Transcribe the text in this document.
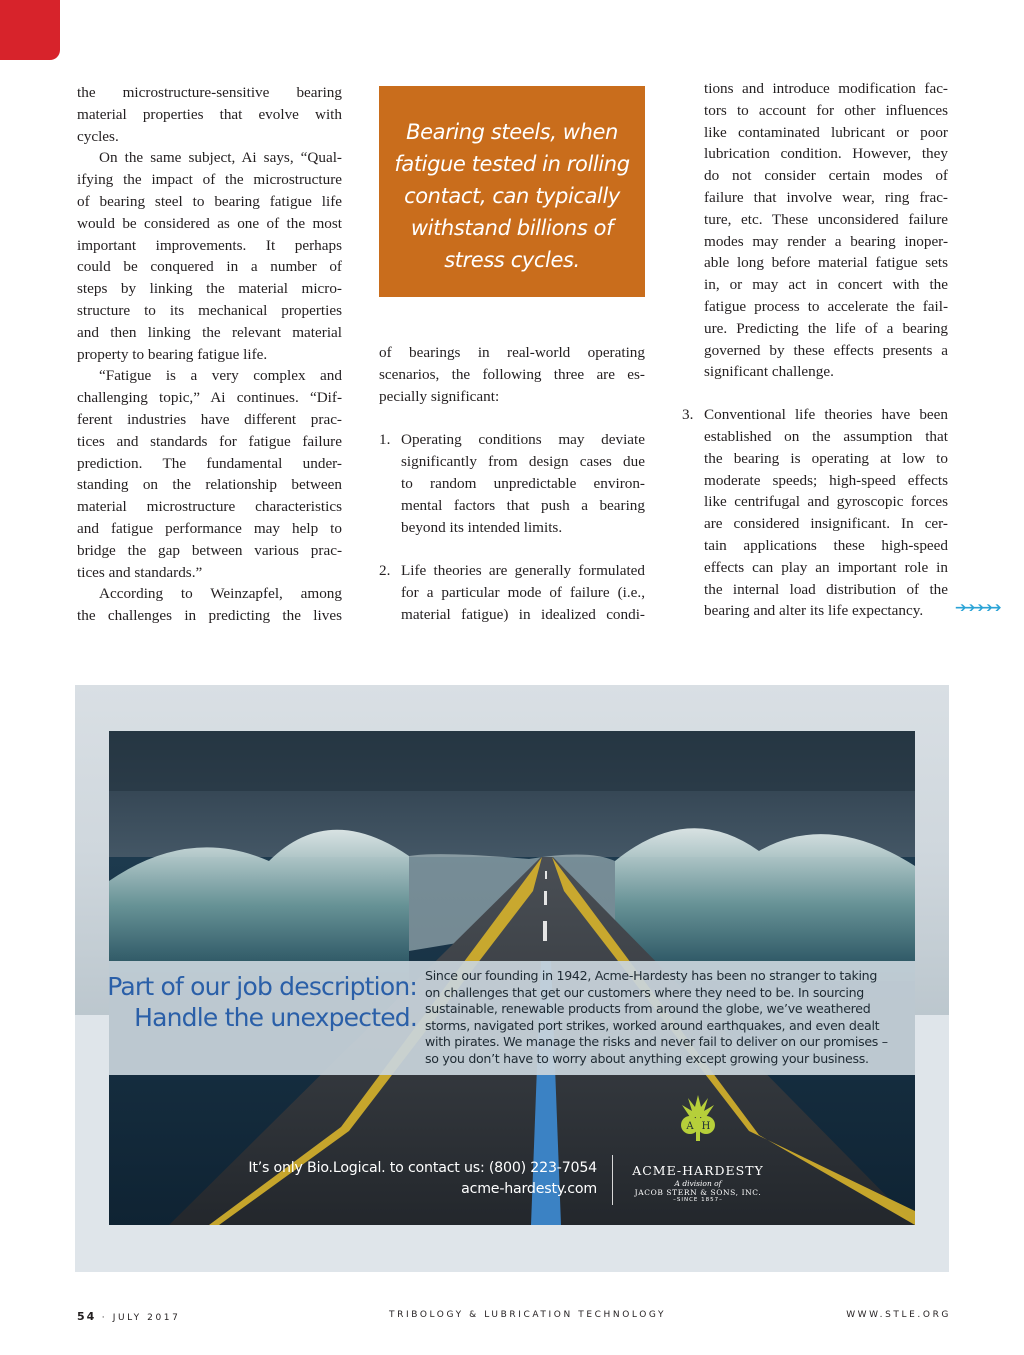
the microstructure-sensitive bearing
material properties that evolve with
cycles.

On the same subject, Ai says, “Qual-
ifying the impact of the microstructure
of bearing steel to bearing fatigue life
would be considered as one of the most
important improvements. It perhaps
could be conquered in a number of
steps by linking the material micro-
structure to its mechanical properties
and then linking the relevant material
property to bearing fatigue life.

“Fatigue is a very complex and
challenging topic,” Ai continues. “Dif-
ferent industries have different prac-
tices and standards for fatigue failure
prediction. The fundamental under-
standing on the relationship between
material microstructure characteristics
and fatigue performance may help to
bridge the gap between various prac-
tices and standards.”

According to Weinzapfel, among
the challenges in predicting the lives

Bearing steels, when
fatigue tested in rolling
contact, can typically
withstand billions of
stress cycles.

of bearings in real-world operating
scenarios, the following three are es-
pecially significant:

1. Operating conditions may deviate
significantly from design cases due
to random unpredictable environ-
mental factors that push a bearing
beyond its intended limits.
2. Life theories are generally formulated
for a particular mode of failure (i.e.,
material fatigue) in idealized condi-
tions and introduce modification fac-
tors to account for other influences
like contaminated lubricant or poor
lubrication condition. However, they
do not consider certain modes of
failure that involve wear, ring frac-
ture, etc. These unconsidered failure
modes may render a bearing inoper-
able long before material fatigue sets
in, or may act in concert with the
fatigue process to accelerate the fail-
ure. Predicting the life of a bearing
governed by these effects presents a
significant challenge.
3. Conventional life theories have been
established on the assumption that
the bearing is operating at low to
moderate speeds; high-speed effects
like centrifugal and gyroscopic forces
are considered insignificant. In cer-
tain applications these high-speed
effects can play an important role in
the internal load distribution of the
bearing and alter its life expectancy.	➔➔➔➔➔
Part of our job description:
Handle the unexpected.
Since our founding in 1942, Acme-Hardesty has been no stranger to taking
on challenges that get our customers where they need to be. In sourcing
sustainable, renewable products from around the globe, we’ve weathered
storms, navigated port strikes, worked around earthquakes, and even dealt
with pirates. We manage the risks and never fail to deliver on our promises –
so you don’t have to worry about anything except growing your business.
It’s only Bio.Logical. to contact us: (800) 223-7054
acme-hardesty.com
A H
ACME-HARDESTY
A division of
JACOB STERN & SONS, INC.
–SINCE 1857–
54 · JULY 2017	TRIBOLOGY & LUBRICATION TECHNOLOGY	WWW.STLE.ORG
